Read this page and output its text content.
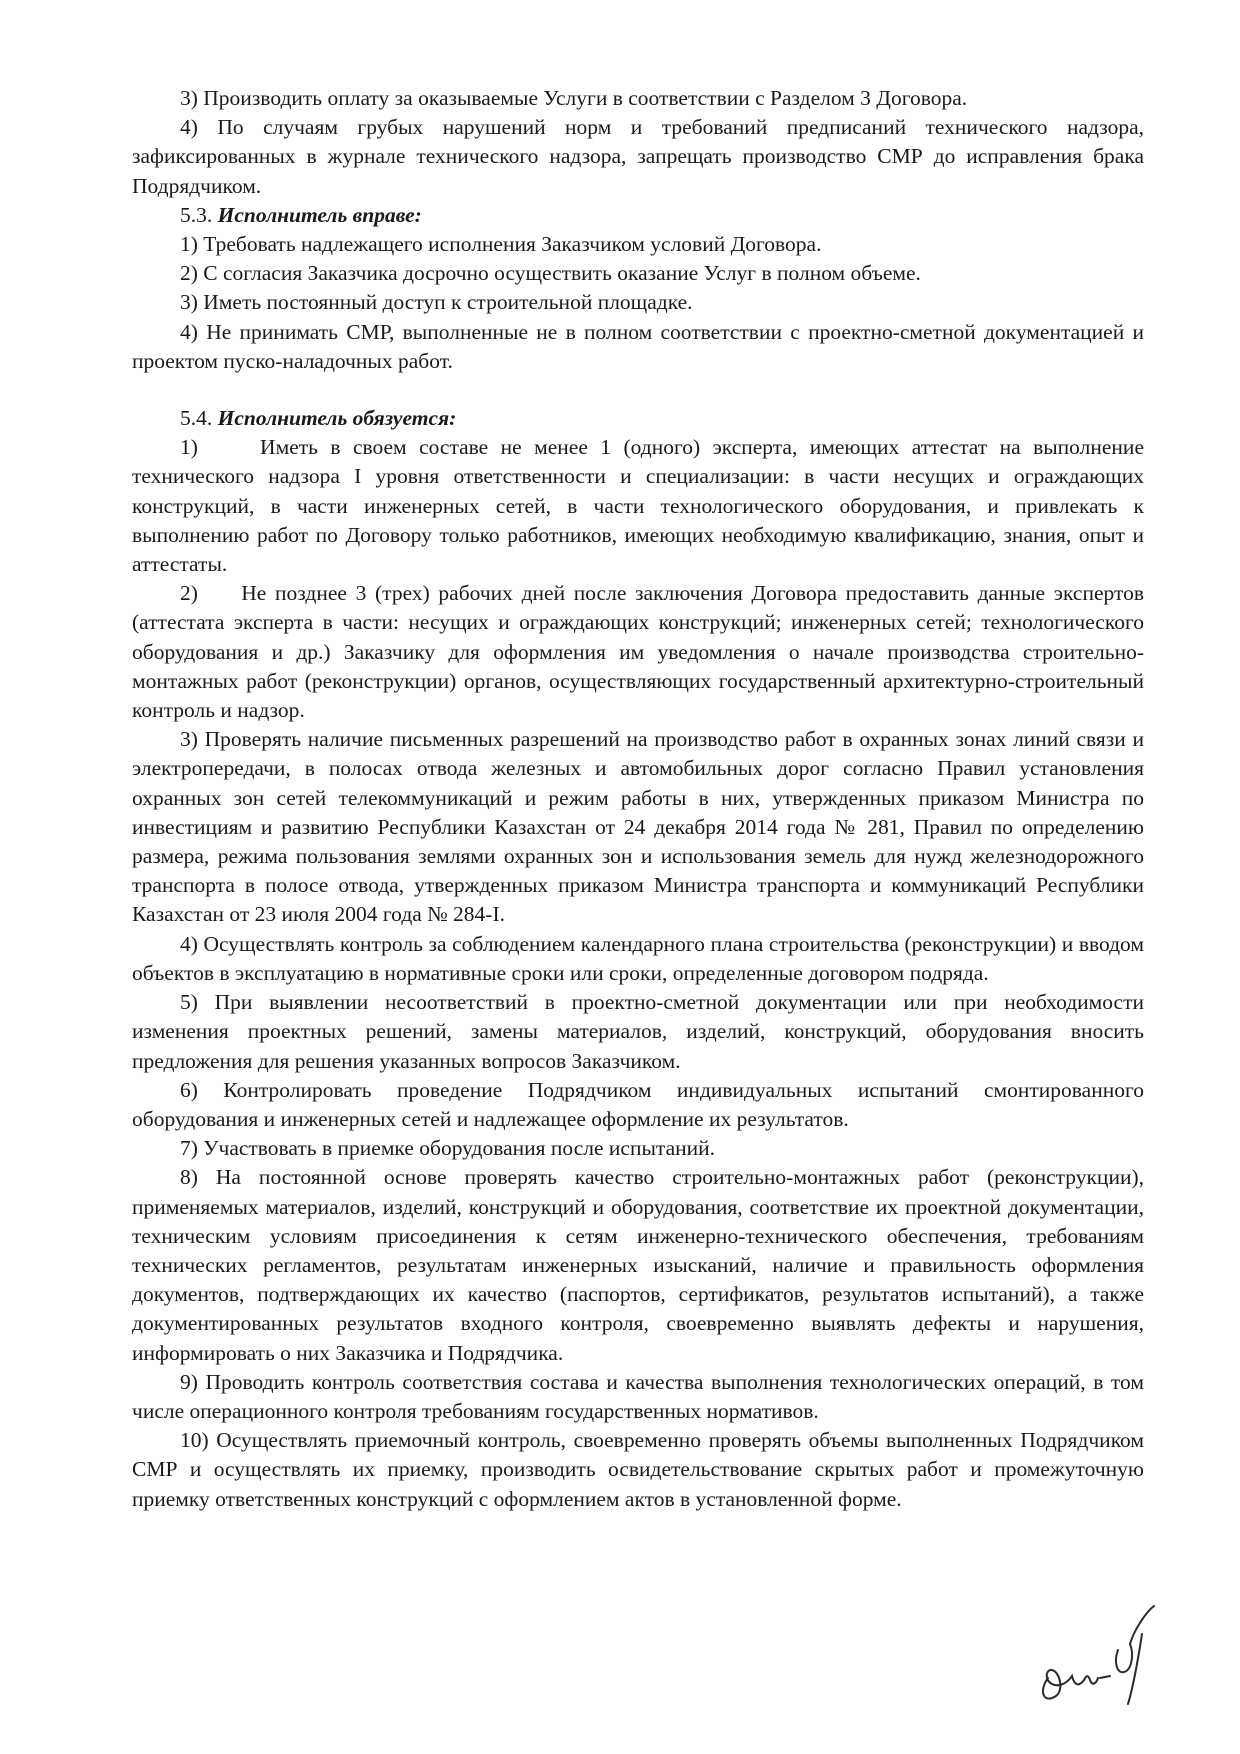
3) Производить оплату за оказываемые Услуги в соответствии с Разделом 3 Договора.

4) По случаям грубых нарушений норм и требований предписаний технического надзора, зафиксированных в журнале технического надзора, запрещать производство СМР до исправления брака Подрядчиком.

5.3. Исполнитель вправе:

1) Требовать надлежащего исполнения Заказчиком условий Договора.

2) С согласия Заказчика досрочно осуществить оказание Услуг в полном объеме.

3) Иметь постоянный доступ к строительной площадке.

4) Не принимать СМР, выполненные не в полном соответствии с проектно-сметной документацией и проектом пуско-наладочных работ.

5.4. Исполнитель обязуется:

1)     Иметь в своем составе не менее 1 (одного) эксперта, имеющих аттестат на выполнение технического надзора I уровня ответственности и специализации: в части несущих и ограждающих конструкций, в части инженерных сетей, в части технологического оборудования, и привлекать к выполнению работ по Договору только работников, имеющих необходимую квалификацию, знания, опыт и аттестаты.

2)     Не позднее 3 (трех) рабочих дней после заключения Договора предоставить данные экспертов (аттестата эксперта в части: несущих и ограждающих конструкций; инженерных сетей; технологического оборудования и др.) Заказчику для оформления им уведомления о начале производства строительно-монтажных работ (реконструкции) органов, осуществляющих государственный архитектурно-строительный контроль и надзор.

3) Проверять наличие письменных разрешений на производство работ в охранных зонах линий связи и электропередачи, в полосах отвода железных и автомобильных дорог согласно Правил установления охранных зон сетей телекоммуникаций и режим работы в них, утвержденных приказом Министра по инвестициям и развитию Республики Казахстан от 24 декабря 2014 года № 281, Правил по определению размера, режима пользования землями охранных зон и использования земель для нужд железнодорожного транспорта в полосе отвода, утвержденных приказом Министра транспорта и коммуникаций Республики Казахстан от 23 июля 2004 года № 284-I.

4) Осуществлять контроль за соблюдением календарного плана строительства (реконструкции) и вводом объектов в эксплуатацию в нормативные сроки или сроки, определенные договором подряда.

5) При выявлении несоответствий в проектно-сметной документации или при необходимости изменения проектных решений, замены материалов, изделий, конструкций, оборудования вносить предложения для решения указанных вопросов Заказчиком.

6) Контролировать проведение Подрядчиком индивидуальных испытаний смонтированного оборудования и инженерных сетей и надлежащее оформление их результатов.

7) Участвовать в приемке оборудования после испытаний.

8) На постоянной основе проверять качество строительно-монтажных работ (реконструкции), применяемых материалов, изделий, конструкций и оборудования, соответствие их проектной документации, техническим условиям присоединения к сетям инженерно-технического обеспечения, требованиям технических регламентов, результатам инженерных изысканий, наличие и правильность оформления документов, подтверждающих их качество (паспортов, сертификатов, результатов испытаний), а также документированных результатов входного контроля, своевременно выявлять дефекты и нарушения, информировать о них Заказчика и Подрядчика.

9) Проводить контроль соответствия состава и качества выполнения технологических операций, в том числе операционного контроля требованиям государственных нормативов.

10) Осуществлять приемочный контроль, своевременно проверять объемы выполненных Подрядчиком СМР и осуществлять их приемку, производить освидетельствование скрытых работ и промежуточную приемку ответственных конструкций с оформлением актов в установленной форме.
